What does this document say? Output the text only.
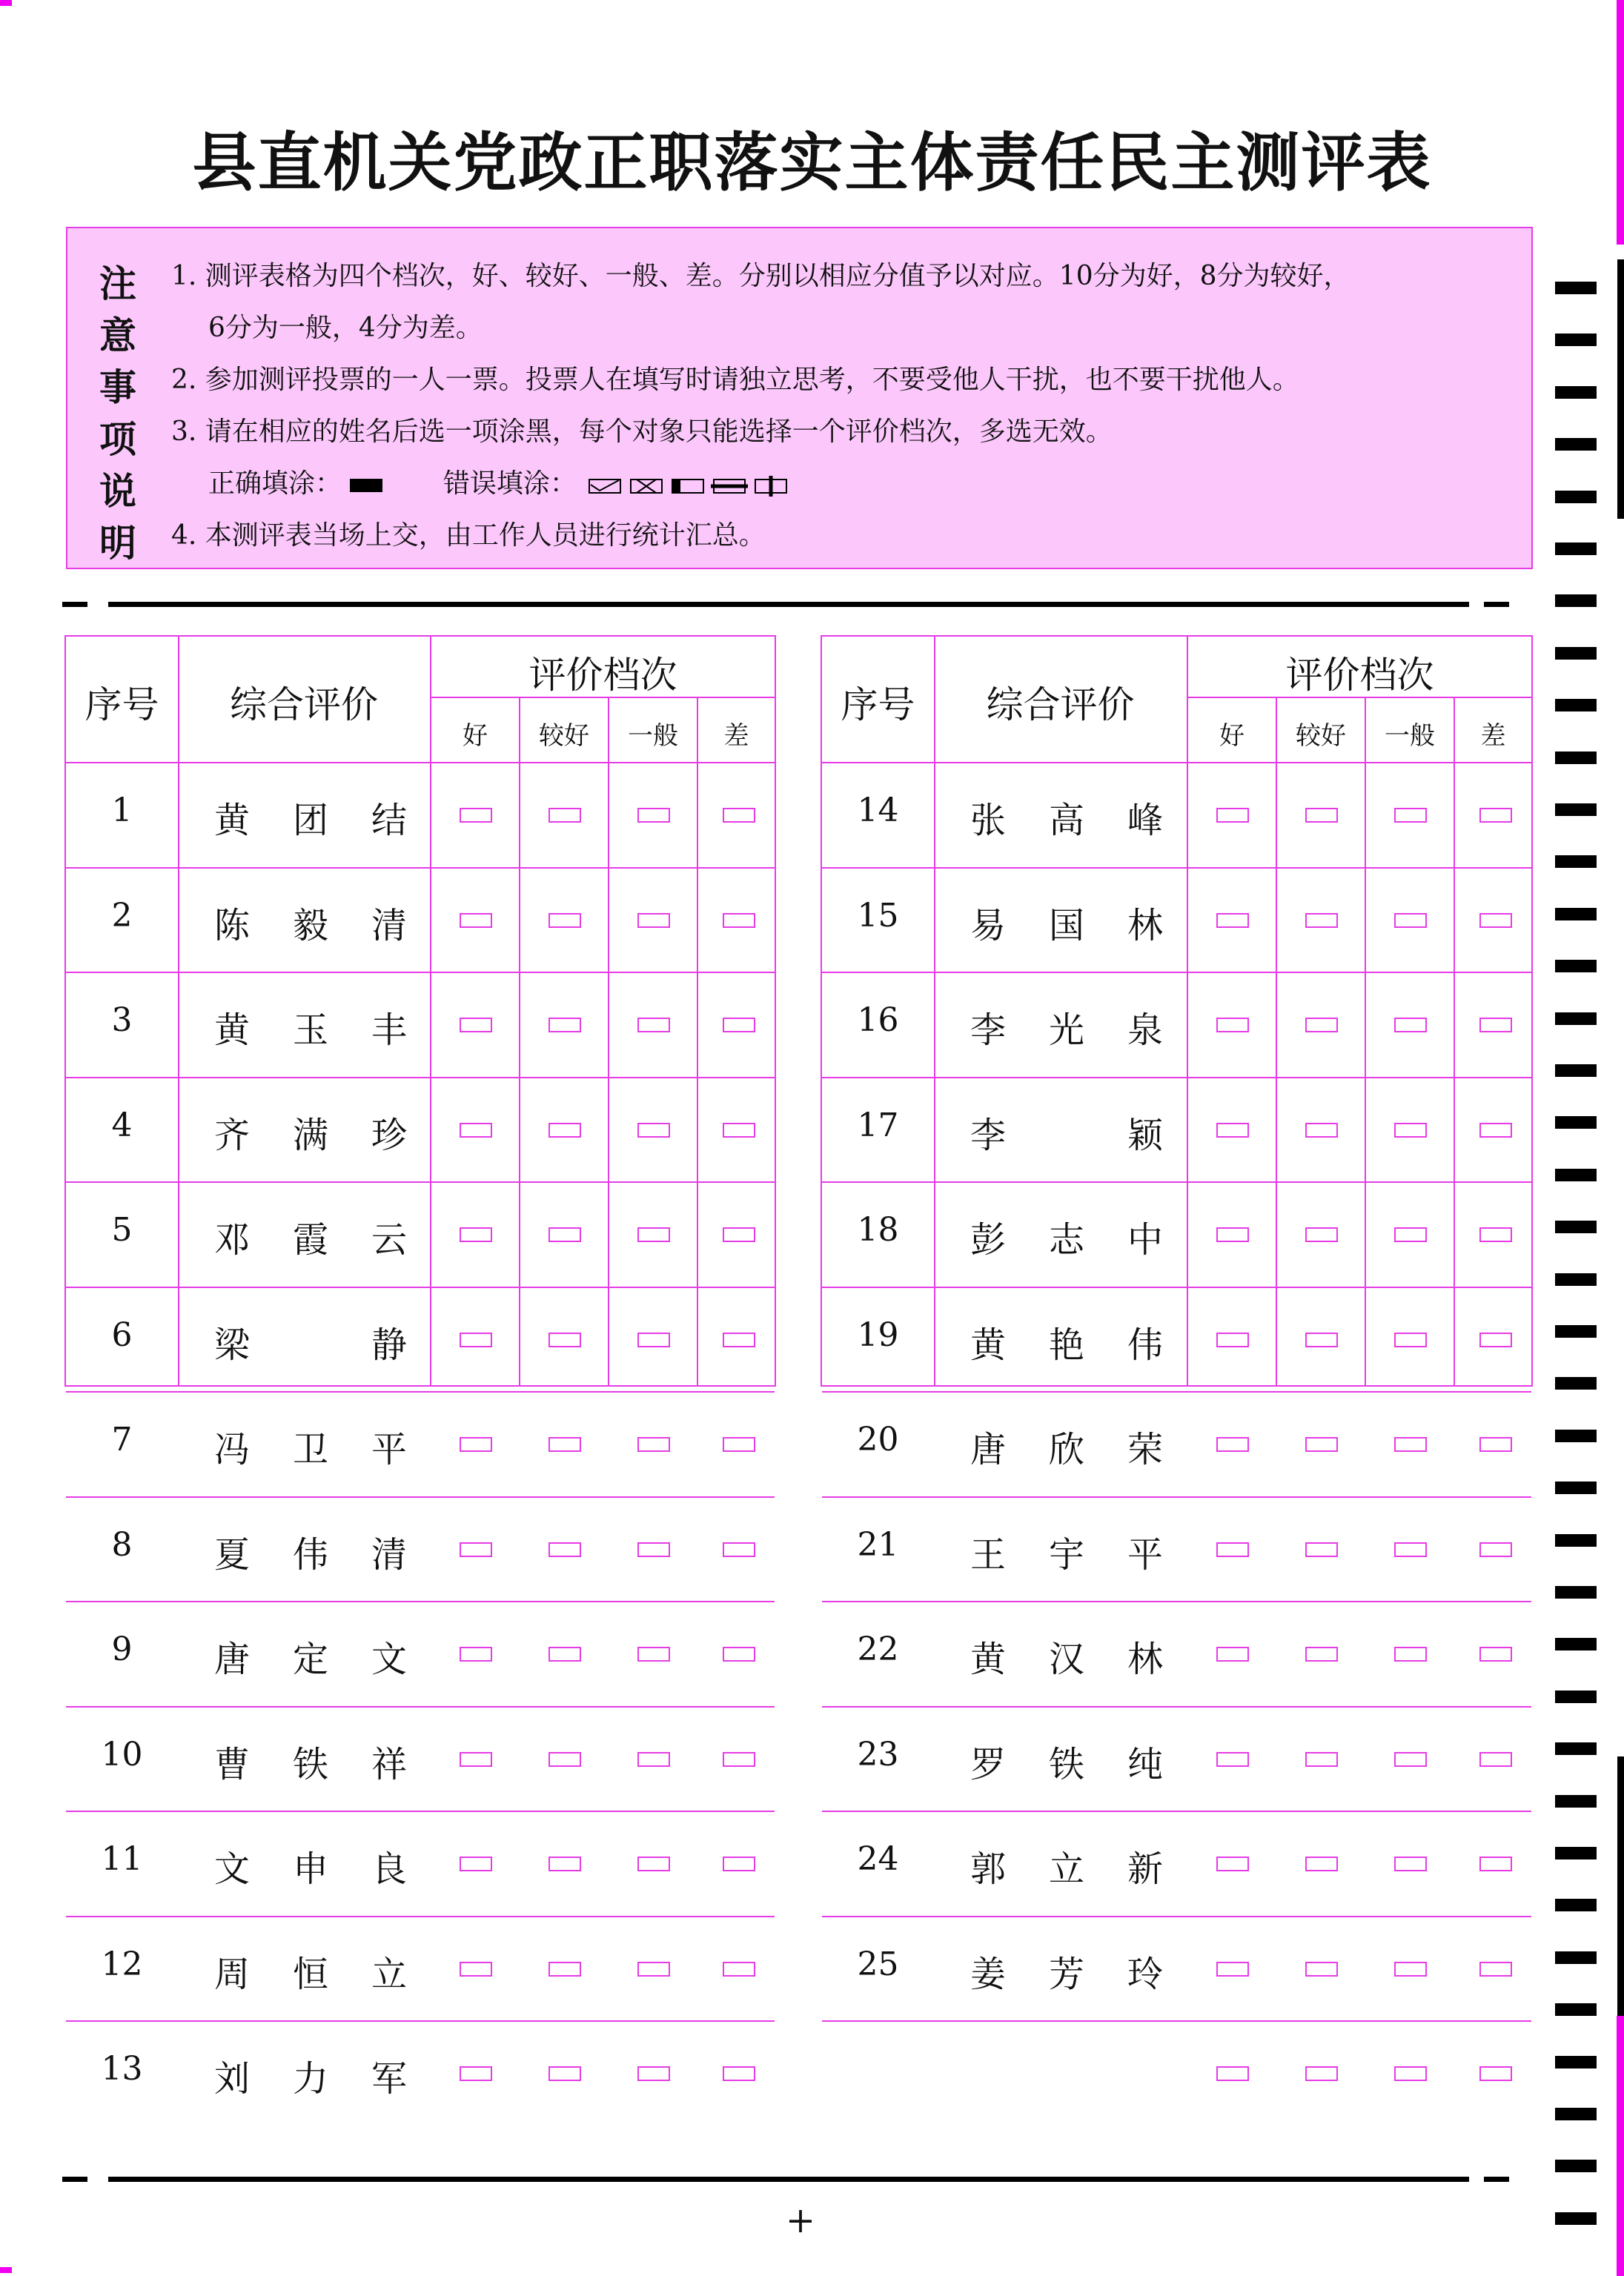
县直机关党政正职落实主体责任民主测评表
注
意
事
项
说
明
1. 测评表格为四个档次，好、较好、一般、差。分别以相应分值予以对应。10分为好，8分为较好，
6分为一般，4分为差。
2. 参加测评投票的一人一票。投票人在填写时请独立思考，不要受他人干扰，也不要干扰他人。
3. 请在相应的姓名后选一项涂黑，每个对象只能选择一个评价档次，多选无效。
正确填涂：	错误填涂：
4. 本测评表当场上交，由工作人员进行统计汇总。
序号	综合评价
评价档次
好	较好	一般	差
1	黄 团 结
2	陈 毅 清
3	黄 玉 丰
4	齐 满 珍
5	邓 霞 云
6	梁	静
7	冯 卫 平
8	夏 伟 清
9	唐 定 文
10	曹 铁 祥
11	文 申 良
12	周 恒 立
13	刘 力 军
序号	综合评价
评价档次
好	较好	一般	差
14	张 高 峰
15	易 国 林
16	李 光 泉
17	李	颖
18	彭 志 中
19	黄 艳 伟
20	唐 欣 荣
21	王 宇 平
22	黄 汉 林
23	罗 铁 纯
24	郭 立 新
25	姜 芳 玲
+
